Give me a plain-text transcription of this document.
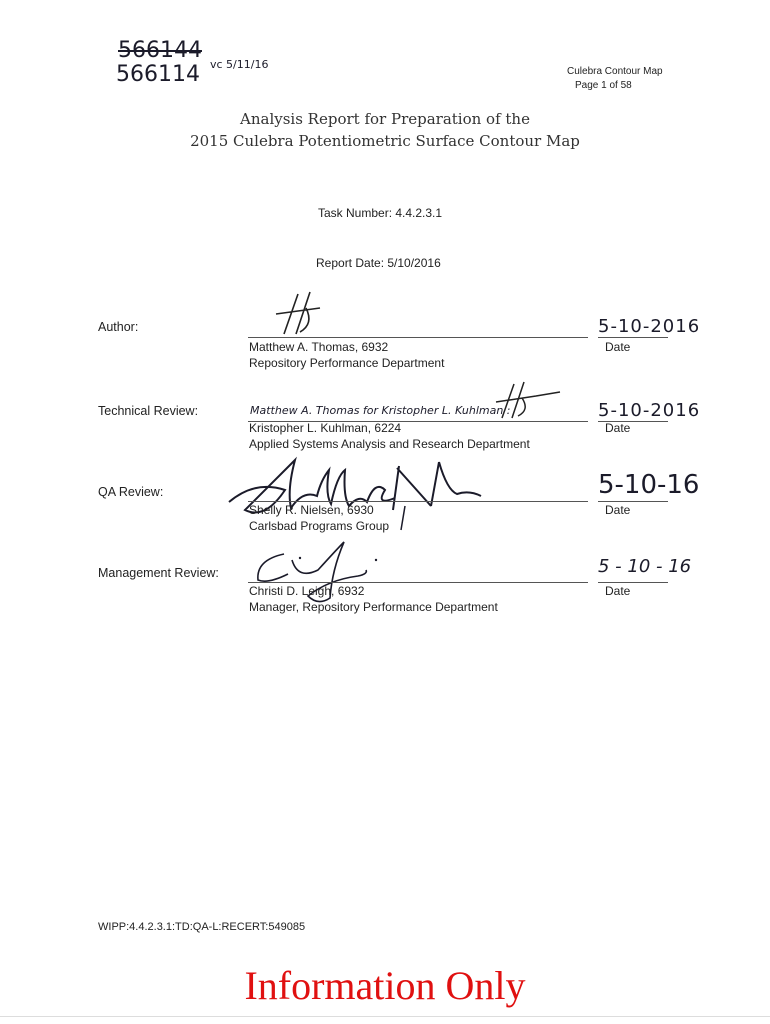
566144
566114 vc 5/11/16
Culebra Contour Map
Page 1 of 58
Analysis Report for Preparation of the
2015 Culebra Potentiometric Surface Contour Map
Task Number: 4.4.2.3.1
Report Date: 5/10/2016
Author:	5-10-2016
Matthew A. Thomas, 6932
Repository Performance Department
Date
Technical Review:	Matthew A. Thomas for Kristopher L. Kuhlman :	5-10-2016
Kristopher L. Kuhlman, 6224
Applied Systems Analysis and Research Department
Date
QA Review:	5-10-16
Shelly R. Nielsen, 6930
Carlsbad Programs Group
Date
Management Review:	5 - 10 - 16
Christi D. Leigh, 6932
Manager, Repository Performance Department
Date
WIPP:4.4.2.3.1:TD:QA-L:RECERT:549085
Information Only
